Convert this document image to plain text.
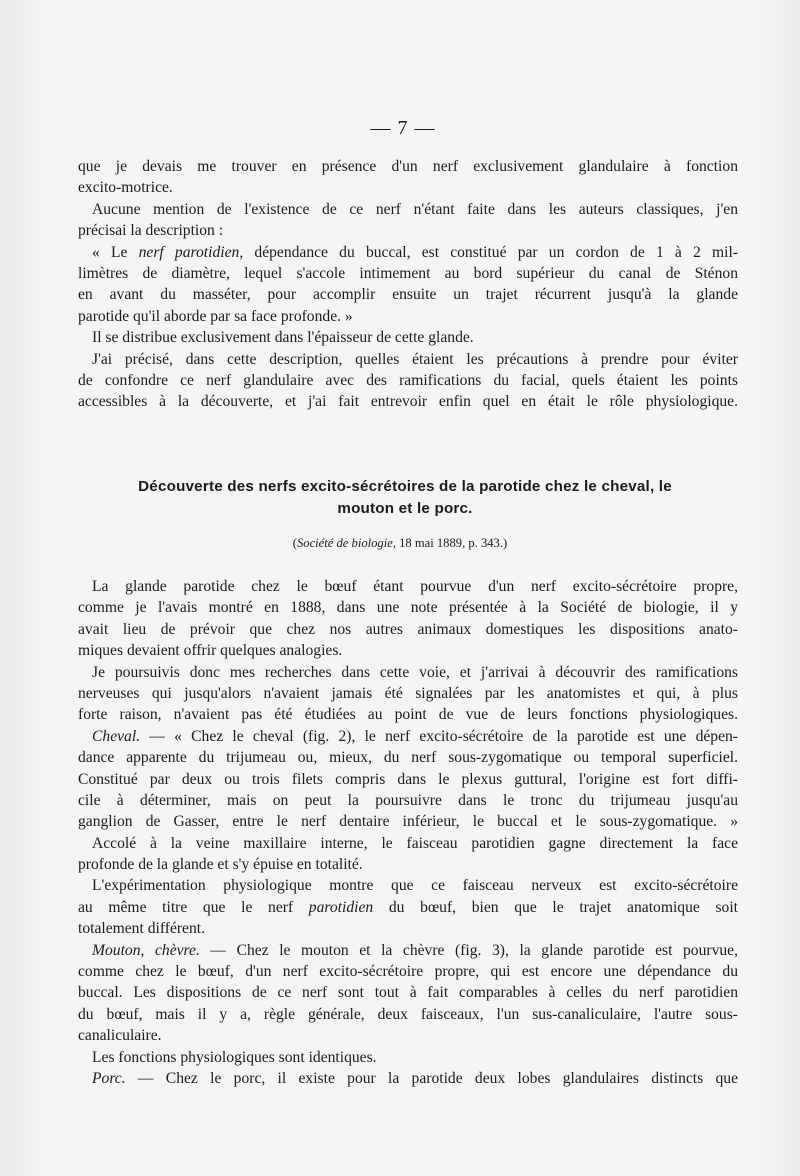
— 7 —
que je devais me trouver en présence d'un nerf exclusivement glandulaire à fonction
excito-motrice.
Aucune mention de l'existence de ce nerf n'étant faite dans les auteurs classiques, j'en
précisai la description :
« Le nerf parotidien, dépendance du buccal, est constitué par un cordon de 1 à 2 mil-
limètres de diamètre, lequel s'accole intimement au bord supérieur du canal de Sténon
en avant du masséter, pour accomplir ensuite un trajet récurrent jusqu'à la glande
parotide qu'il aborde par sa face profonde. »
Il se distribue exclusivement dans l'épaisseur de cette glande.
J'ai précisé, dans cette description, quelles étaient les précautions à prendre pour éviter
de confondre ce nerf glandulaire avec des ramifications du facial, quels étaient les points
accessibles à la découverte, et j'ai fait entrevoir enfin quel en était le rôle physiologique.
Découverte des nerfs excito-sécrétoires de la parotide chez le cheval, le
mouton et le porc.
(Société de biologie, 18 mai 1889, p. 343.)
La glande parotide chez le bœuf étant pourvue d'un nerf excito-sécrétoire propre,
comme je l'avais montré en 1888, dans une note présentée à la Société de biologie, il y
avait lieu de prévoir que chez nos autres animaux domestiques les dispositions anato-
miques devaient offrir quelques analogies.
Je poursuivis donc mes recherches dans cette voie, et j'arrivai à découvrir des ramifications
nerveuses qui jusqu'alors n'avaient jamais été signalées par les anatomistes et qui, à plus
forte raison, n'avaient pas été étudiées au point de vue de leurs fonctions physiologiques.
Cheval. — « Chez le cheval (fig. 2), le nerf excito-sécrétoire de la parotide est une dépen-
dance apparente du trijumeau ou, mieux, du nerf sous-zygomatique ou temporal superficiel.
Constitué par deux ou trois filets compris dans le plexus guttural, l'origine est fort diffi-
cile à déterminer, mais on peut la poursuivre dans le tronc du trijumeau jusqu'au
ganglion de Gasser, entre le nerf dentaire inférieur, le buccal et le sous-zygomatique. »
Accolé à la veine maxillaire interne, le faisceau parotidien gagne directement la face
profonde de la glande et s'y épuise en totalité.
L'expérimentation physiologique montre que ce faisceau nerveux est excito-sécrétoire
au même titre que le nerf parotidien du bœuf, bien que le trajet anatomique soit
totalement différent.
Mouton, chèvre. — Chez le mouton et la chèvre (fig. 3), la glande parotide est pourvue,
comme chez le bœuf, d'un nerf excito-sécrétoire propre, qui est encore une dépendance du
buccal. Les dispositions de ce nerf sont tout à fait comparables à celles du nerf parotidien
du bœuf, mais il y a, règle générale, deux faisceaux, l'un sus-canaliculaire, l'autre sous-
canaliculaire.
Les fonctions physiologiques sont identiques.
Porc. — Chez le porc, il existe pour la parotide deux lobes glandulaires distincts que
